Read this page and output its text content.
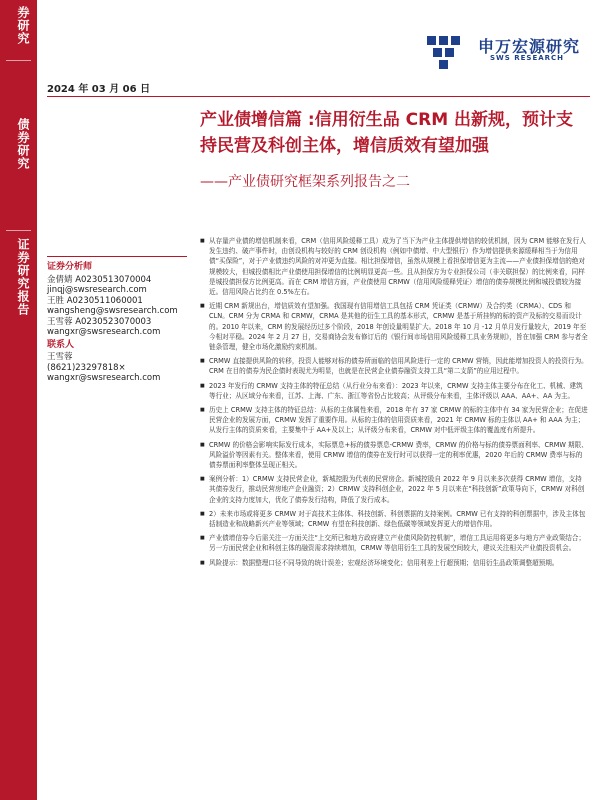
券研究
债券研究
证券研究报告
申万宏源研究
SWS RESEARCH
2024 年 03 月 06 日
产业债增信篇 :信用衍生品 CRM 出新规，预计支持民营及科创主体，增信质效有望加强
——产业债研究框架系列报告之二
证券分析师
金倩婧 A0230513070004
jinqj@swsresearch.com
王胜 A0230511060001
wangsheng@swsresearch.com
王雪蓉 A0230523070003
wangxr@swsresearch.com
联系人
王雪蓉
(8621)23297818×
wangxr@swsresearch.com
■ 从存量产业债的增信机制来看，CRM（信用风险缓释工具）成为了当下为产业主体提供增信的较优机制，因为 CRM 能够在发行人发生违约、破产事件时，由创设机构与较好的 CRM 创设机构（例如中债增、中大型银行）作为增信提供来源缓释相当于为信用债“买保险”，对于产业债违约风险的对冲更为直接。相比担保增信，虽然从规模上看担保增信更为主流——产业债担保增信的绝对规模较大，但城投债相比产业债使用担保增信的比例明显更高一些。且从担保方为专业担保公司（非关联担保）的比例来看，同样是城投债担保方比例更高。而在 CRM 增信方面，产业债使用 CRMW（信用风险缓释凭证）增信的债券规模比例和城投债较为接近。信用风险占比约在 0.5%左右。
■ 近期 CRM 新规出台，增信质效有望加强。我国现有信用增信工具包括 CRM 凭证类（CRMW）及合约类（CRMA）、CDS 和 CLN。CRM 分为 CRMA 和 CRMW，CRMA 是其他的衍生工具的基本形式，CRMW 是基于所挂钩的标的资产及标的交易而设计的。2010 年以来，CRM 的发展经历过多个阶段，2018 年创设量明显扩大。2018 年 10 月 -12 月单月发行量较大，2019 年至今相对平稳。2024 年 2 月 27 日，交易商协会发布修订后的《银行间市场信用风险缓释工具业务规则》，旨在加强 CRM 参与者全链条管理，健全市场化激励约束机制。
■ CRMW 直接提供风险的转移，投资人能够对标的债券所面临的信用风险进行一定的 CRMW 营销，因此能增加投资人的投资行为。CRM 在目的债券为民企债时表现尤为明显，也就是在民营企业债券融资支持工具“第二支箭”的应用过程中。
■ 2023 年发行的 CRMW 支持主体的特征总结（从行业分布来看）：2023 年以来，CRMW 支持主体主要分布在化工、机械、建筑等行业；从区域分布来看，江苏、上海、广东、浙江等省份占比较高；从评级分布来看，主体评级以 AAA、AA+、AA 为主。
■ 历史上 CRMW 支持主体的特征总结：从标的主体属性来看，2018 年有 37 家 CRMW 的标的主体中有 34 家为民营企业；在促进民营企业的发展方面，CRMW 发挥了重要作用。从标的主体的信用资质来看，2021 年 CRMW 标的主体以 AA+ 和 AAA 为主；从发行主体的资质来看，主要集中于 AA+及以上；从评级分布来看，CRMW 对中低评级主体的覆盖度有所提升。
■ CRMW 的价格会影响实际发行成本，实际票息+标的债券票息-CRMW 费率，CRMW 的价格与标的债券票面利率、CRMW 期限、风险溢价等因素有关。整体来看，使用 CRMW 增信的债券在发行时可以获得一定的利率优惠，2020 年后的 CRMW 费率与标的债券票面利率整体呈现正相关。
■ 案例分析：1）CRMW 支持民营企业，新城控股为代表的民营房企。新城控股自 2022 年 9 月以来多次获得 CRMW 增信，支持其债券发行，推动民营房地产企业融资；2）CRMW 支持科创企业，2022 年 5 月以来在“科技创新”政策导向下，CRMW 对科创企业的支持力度加大，优化了债券发行结构，降低了发行成本。
■ 2）未来市场或将更多 CRMW 对于高技术主体体、科技创新、科创票据的支持案例。CRMW 已有支持的科创票据中，涉及主体包括制造业和战略新兴产业等领域；CRMW 有望在科技创新、绿色低碳等领域发挥更大的增信作用。
■ 产业债增信券今后需关注一方面关注“上交所已和地方政府建立产业债风险防控机制”，增信工具运用将更多与地方产业政策结合；另一方面民营企业和科创主体的融资需求持续增加，CRMW 等信用衍生工具的发展空间较大，建议关注相关产业债投资机会。
■ 风险提示：数据整理口径不同导致的统计误差；宏观经济环境变化；信用利差上行超预期；信用衍生品政策调整超预期。
